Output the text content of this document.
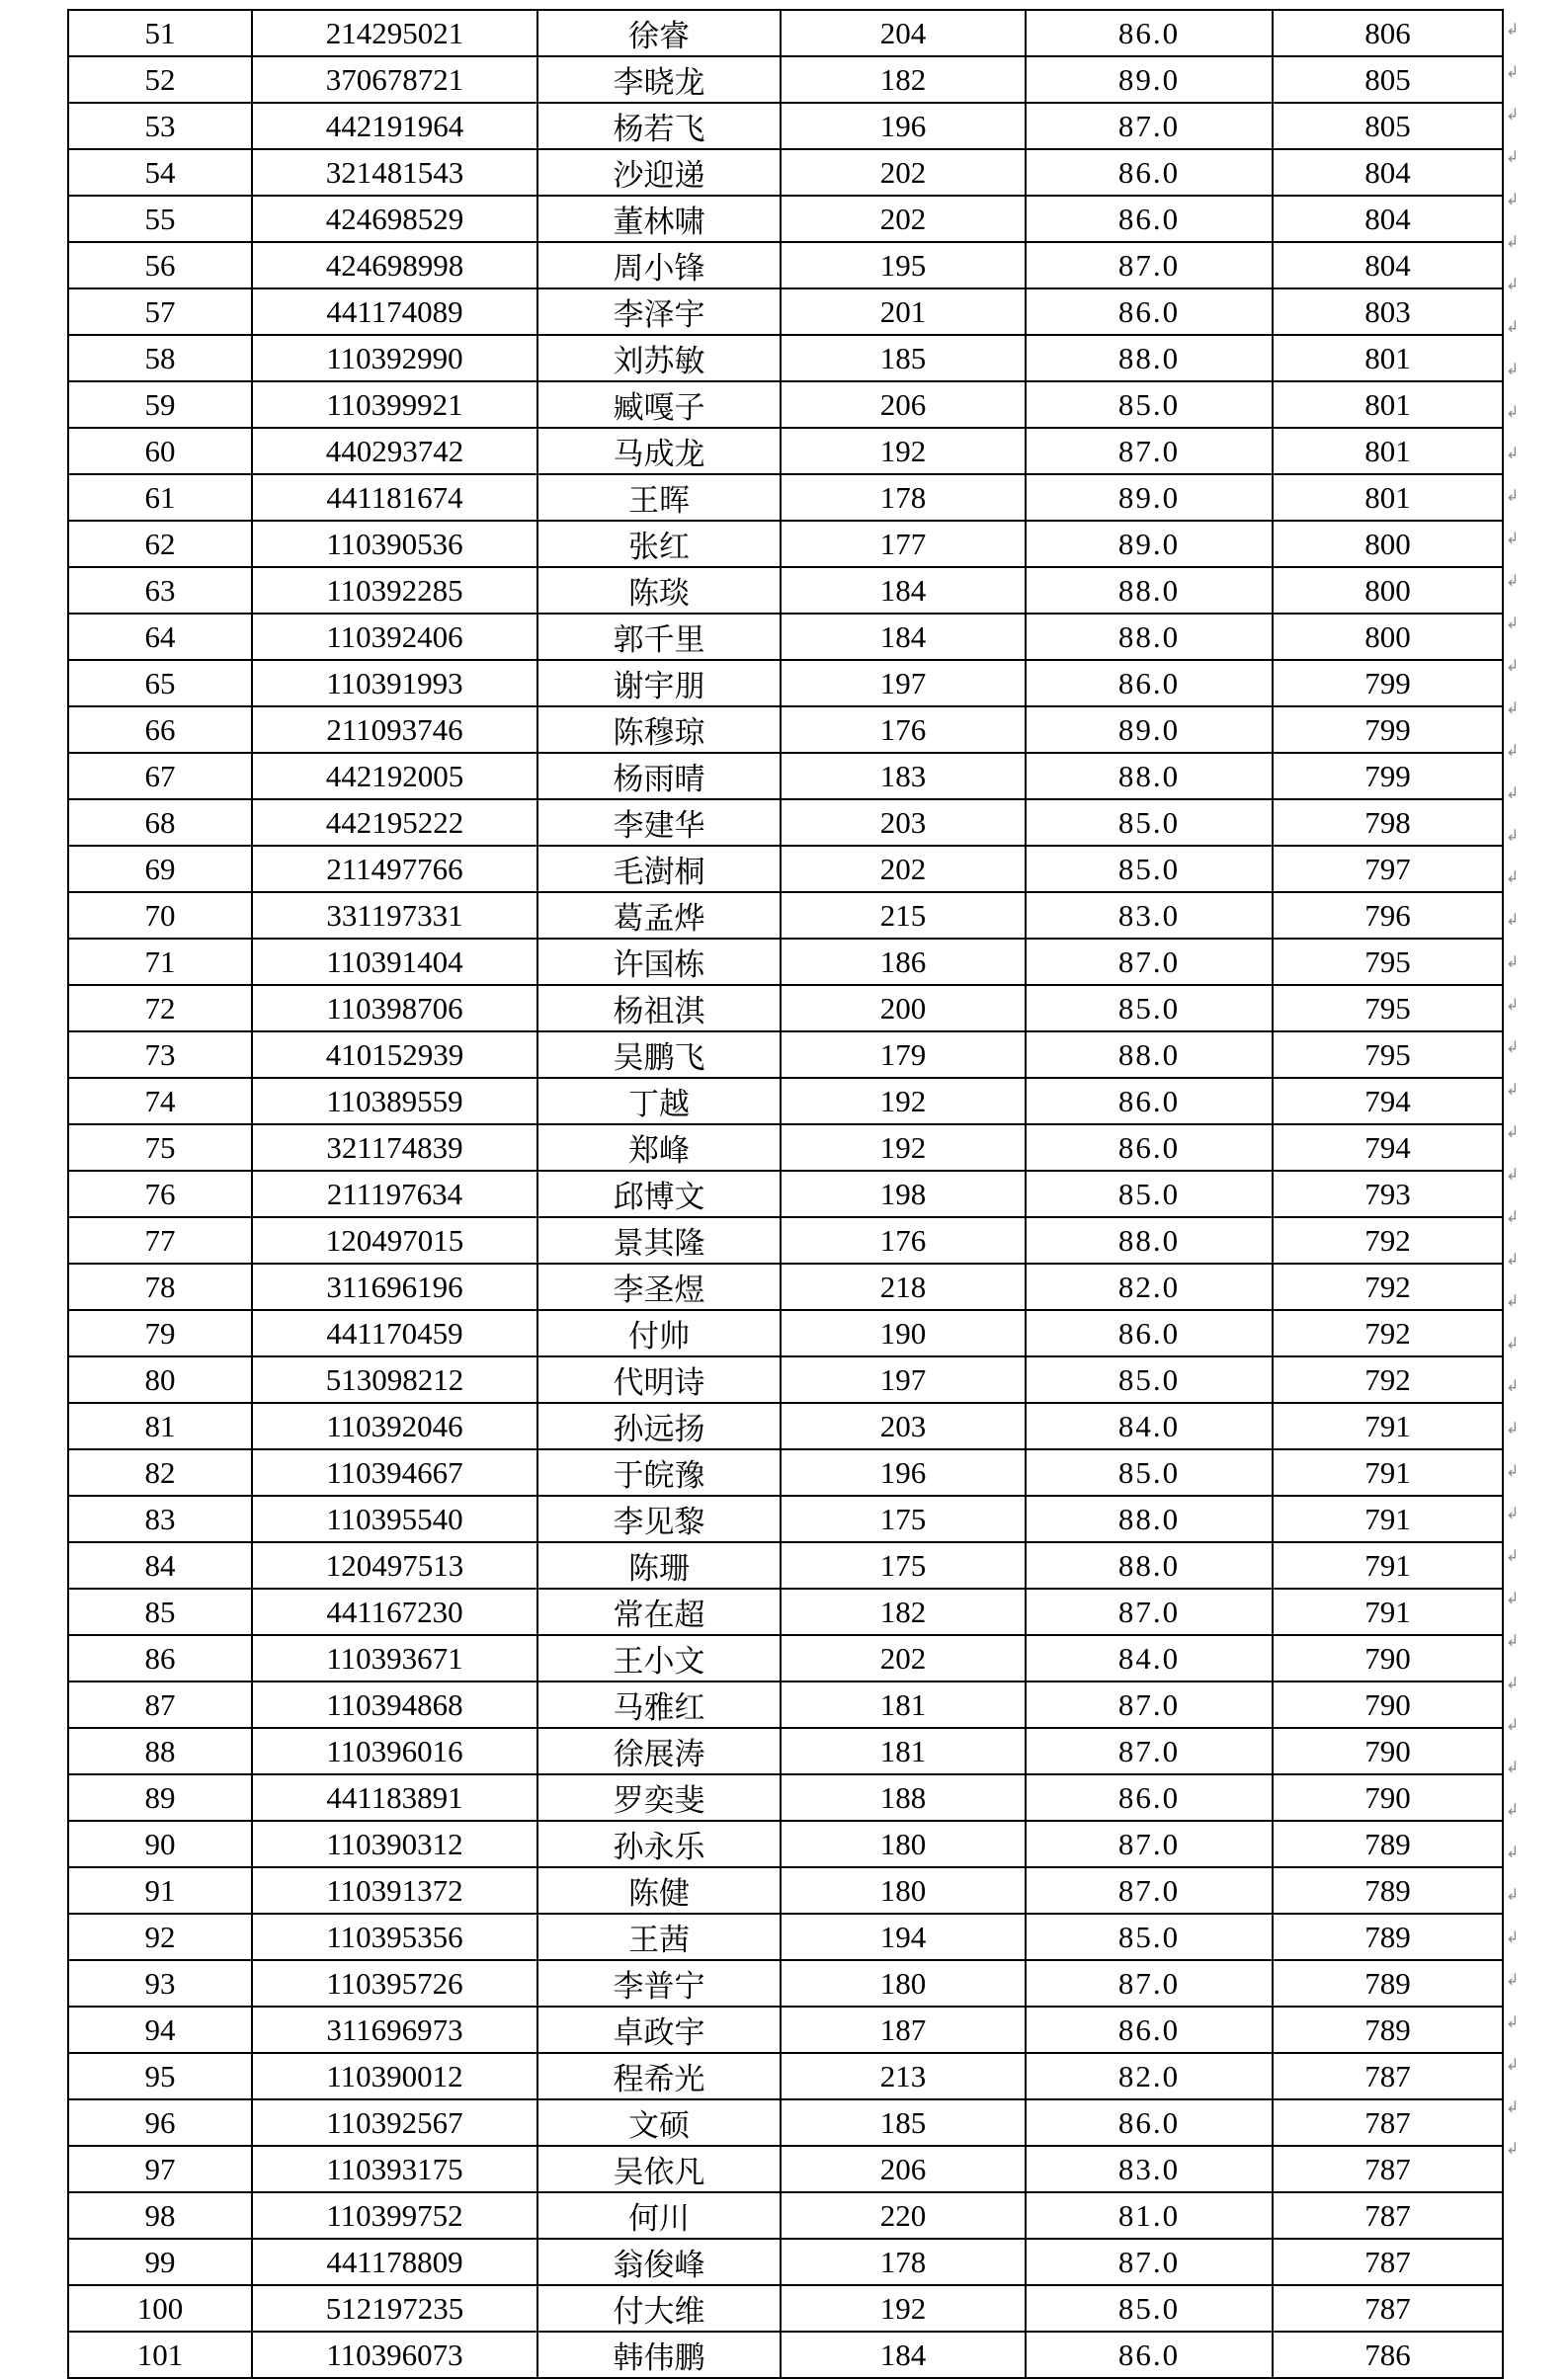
51	214295021	徐睿	204	86.0	806
52	370678721	李晓龙	182	89.0	805
53	442191964	杨若飞	196	87.0	805
54	321481543	沙迎递	202	86.0	804
55	424698529	董林啸	202	86.0	804
56	424698998	周小锋	195	87.0	804
57	441174089	李泽宇	201	86.0	803
58	110392990	刘苏敏	185	88.0	801
59	110399921	臧嘎子	206	85.0	801
60	440293742	马成龙	192	87.0	801
61	441181674	王晖	178	89.0	801
62	110390536	张红	177	89.0	800
63	110392285	陈琰	184	88.0	800
64	110392406	郭千里	184	88.0	800
65	110391993	谢宇朋	197	86.0	799
66	211093746	陈穆琼	176	89.0	799
67	442192005	杨雨晴	183	88.0	799
68	442195222	李建华	203	85.0	798
69	211497766	毛澍桐	202	85.0	797
70	331197331	葛孟烨	215	83.0	796
71	110391404	许国栋	186	87.0	795
72	110398706	杨祖淇	200	85.0	795
73	410152939	吴鹏飞	179	88.0	795
74	110389559	丁越	192	86.0	794
75	321174839	郑峰	192	86.0	794
76	211197634	邱博文	198	85.0	793
77	120497015	景其隆	176	88.0	792
78	311696196	李圣煜	218	82.0	792
79	441170459	付帅	190	86.0	792
80	513098212	代明诗	197	85.0	792
81	110392046	孙远扬	203	84.0	791
82	110394667	于皖豫	196	85.0	791
83	110395540	李见黎	175	88.0	791
84	120497513	陈珊	175	88.0	791
85	441167230	常在超	182	87.0	791
86	110393671	王小文	202	84.0	790
87	110394868	马雅红	181	87.0	790
88	110396016	徐展涛	181	87.0	790
89	441183891	罗奕斐	188	86.0	790
90	110390312	孙永乐	180	87.0	789
91	110391372	陈健	180	87.0	789
92	110395356	王茜	194	85.0	789
93	110395726	李普宁	180	87.0	789
94	311696973	卓政宇	187	86.0	789
95	110390012	程希光	213	82.0	787
96	110392567	文硕	185	86.0	787
97	110393175	吴依凡	206	83.0	787
98	110399752	何川	220	81.0	787
99	441178809	翁俊峰	178	87.0	787
100	512197235	付大维	192	85.0	787
101	110396073	韩伟鹏	184	86.0	786
↲
↲
↲
↲
↲
↲
↲
↲
↲
↲
↲
↲
↲
↲
↲
↲
↲
↲
↲
↲
↲
↲
↲
↲
↲
↲
↲
↲
↲
↲
↲
↲
↲
↲
↲
↲
↲
↲
↲
↲
↲
↲
↲
↲
↲
↲
↲
↲
↲
↲
↲
